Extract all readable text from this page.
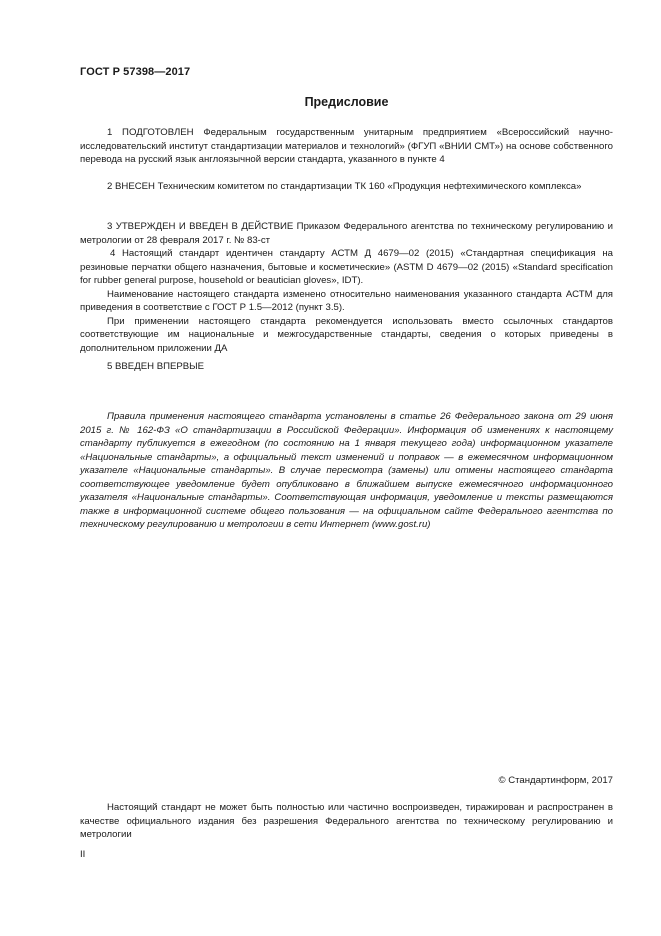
ГОСТ Р 57398—2017
Предисловие

1 ПОДГОТОВЛЕН Федеральным государственным унитарным предприятием «Всероссийский научно-исследовательский институт стандартизации материалов и технологий» (ФГУП «ВНИИ СМТ») на основе собственного перевода на русский язык англоязычной версии стандарта, указанного в пункте 4

2 ВНЕСЕН Техническим комитетом по стандартизации ТК 160 «Продукция нефтехимического комплекса»

3 УТВЕРЖДЕН И ВВЕДЕН В ДЕЙСТВИЕ Приказом Федерального агентства по техническому регулированию и метрологии от 28 февраля 2017 г. № 83-ст

4 Настоящий стандарт идентичен стандарту АСТМ Д 4679—02 (2015) «Стандартная спецификация на резиновые перчатки общего назначения, бытовые и косметические» (ASTM D 4679—02 (2015) «Standard specification for rubber general purpose, household or beautician gloves», IDT).

Наименование настоящего стандарта изменено относительно наименования указанного стандарта АСТМ для приведения в соответствие с ГОСТ Р 1.5—2012 (пункт 3.5).

При применении настоящего стандарта рекомендуется использовать вместо ссылочных стандартов соответствующие им национальные и межгосударственные стандарты, сведения о которых приведены в дополнительном приложении ДА

5 ВВЕДЕН ВПЕРВЫЕ

Правила применения настоящего стандарта установлены в статье 26 Федерального закона от 29 июня 2015 г. № 162-ФЗ «О стандартизации в Российской Федерации». Информация об изменениях к настоящему стандарту публикуется в ежегодном (по состоянию на 1 января текущего года) информационном указателе «Национальные стандарты», а официальный текст изменений и поправок — в ежемесячном информационном указателе «Национальные стандарты». В случае пересмотра (замены) или отмены настоящего стандарта соответствующее уведомление будет опубликовано в ближайшем выпуске ежемесячного информационного указателя «Национальные стандарты». Соответствующая информация, уведомление и тексты размещаются также в информационной системе общего пользования — на официальном сайте Федерального агентства по техническому регулированию и метрологии в сети Интернет (www.gost.ru)

© Стандартинформ, 2017

Настоящий стандарт не может быть полностью или частично воспроизведен, тиражирован и распространен в качестве официального издания без разрешения Федерального агентства по техническому регулированию и метрологии

II
